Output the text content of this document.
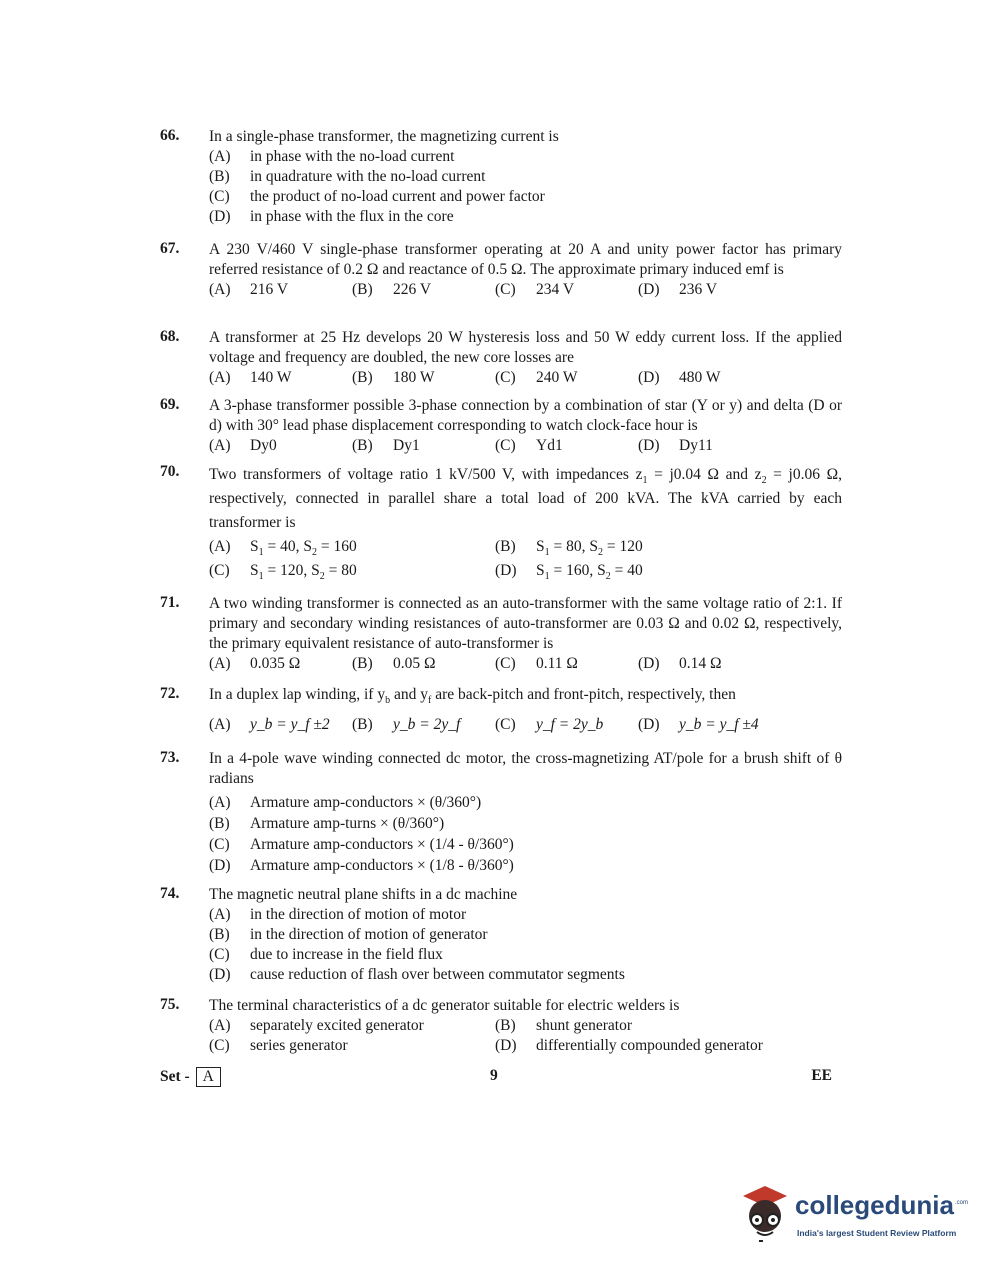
66. In a single-phase transformer, the magnetizing current is
(A) in phase with the no-load current
(B) in quadrature with the no-load current
(C) the product of no-load current and power factor
(D) in phase with the flux in the core
67. A 230 V/460 V single-phase transformer operating at 20 A and unity power factor has primary referred resistance of 0.2 Ω and reactance of 0.5 Ω. The approximate primary induced emf is
(A) 216 V	(B) 226 V	(C) 234 V	(D) 236 V
68. A transformer at 25 Hz develops 20 W hysteresis loss and 50 W eddy current loss. If the applied voltage and frequency are doubled, the new core losses are
(A) 140 W	(B) 180 W	(C) 240 W	(D) 480 W
69. A 3-phase transformer possible 3-phase connection by a combination of star (Y or y) and delta (D or d) with 30° lead phase displacement corresponding to watch clock-face hour is
(A) Dy0	(B) Dy1	(C) Yd1	(D) Dy11
70. Two transformers of voltage ratio 1 kV/500 V, with impedances $z_1 = j0.04$ Ω and $z_2 = j0.06$ Ω, respectively, connected in parallel share a total load of 200 kVA. The kVA carried by each transformer is
(A) $S_1 = 40$, $S_2 = 160$	(B) $S_1 = 80$, $S_2 = 120$
(C) $S_1 = 120$, $S_2 = 80$	(D) $S_1 = 160$, $S_2 = 40$
71. A two winding transformer is connected as an auto-transformer with the same voltage ratio of 2:1. If primary and secondary winding resistances of auto-transformer are 0.03 Ω and 0.02 Ω, respectively, the primary equivalent resistance of auto-transformer is
(A) 0.035 Ω	(B) 0.05 Ω	(C) 0.11 Ω	(D) 0.14 Ω
72. In a duplex lap winding, if $y_b$ and $y_f$ are back-pitch and front-pitch, respectively, then
(A) y_b = y_f ±2	(B) y_b = 2y_f	(C) y_f = 2y_b	(D) y_b = y_f ±4
73. In a 4-pole wave winding connected dc motor, the cross-magnetizing AT/pole for a brush shift of θ radians
(A) Armature amp-conductors × (θ/360°)
(B) Armature amp-turns × (θ/360°)
(C) Armature amp-conductors × (1/4 - θ/360°)
(D) Armature amp-conductors × (1/8 - θ/360°)
74. The magnetic neutral plane shifts in a dc machine
(A) in the direction of motion of motor
(B) in the direction of motion of generator
(C) due to increase in the field flux
(D) cause reduction of flash over between commutator segments
75. The terminal characteristics of a dc generator suitable for electric welders is
(A) separately excited generator	(B) shunt generator
(C) series generator	(D) differentially compounded generator
Set - A	9	EE
collegedunia .com
India's largest Student Review Platform
